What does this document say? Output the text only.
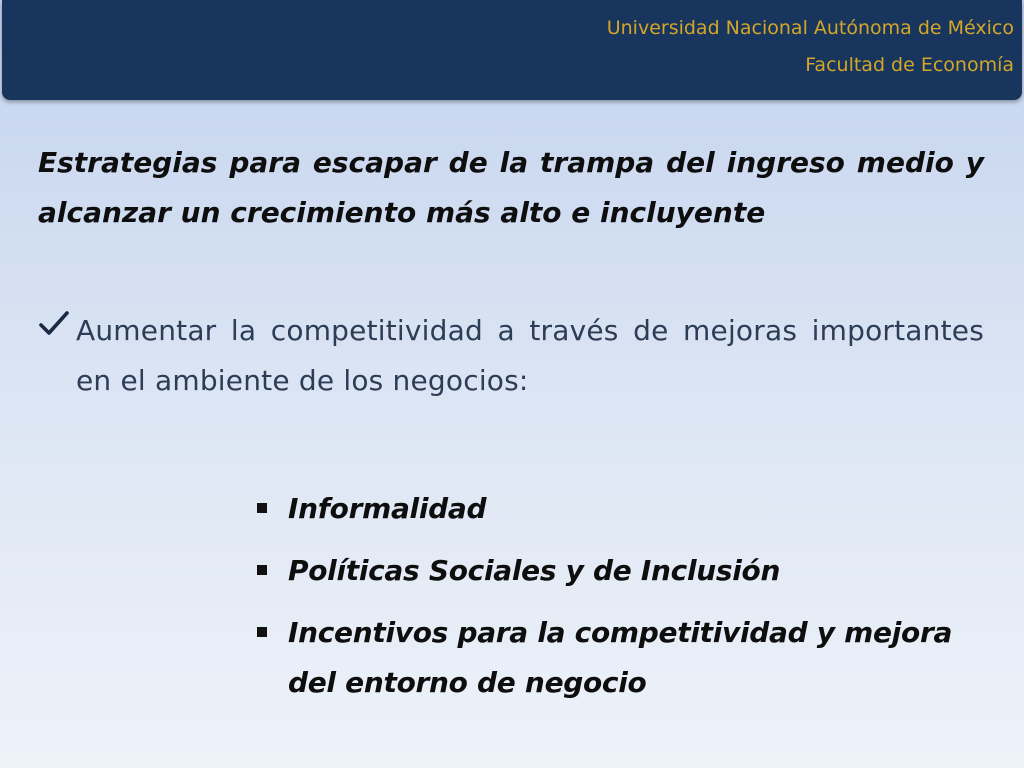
Universidad Nacional Autónoma de México
Facultad de Economía
Estrategias para escapar de la trampa del ingreso medio y alcanzar un crecimiento más alto e incluyente
Aumentar la competitividad a través de mejoras importantes en el ambiente de los negocios:
Informalidad
Políticas Sociales y de Inclusión
Incentivos para la competitividad y mejora del entorno de negocio
